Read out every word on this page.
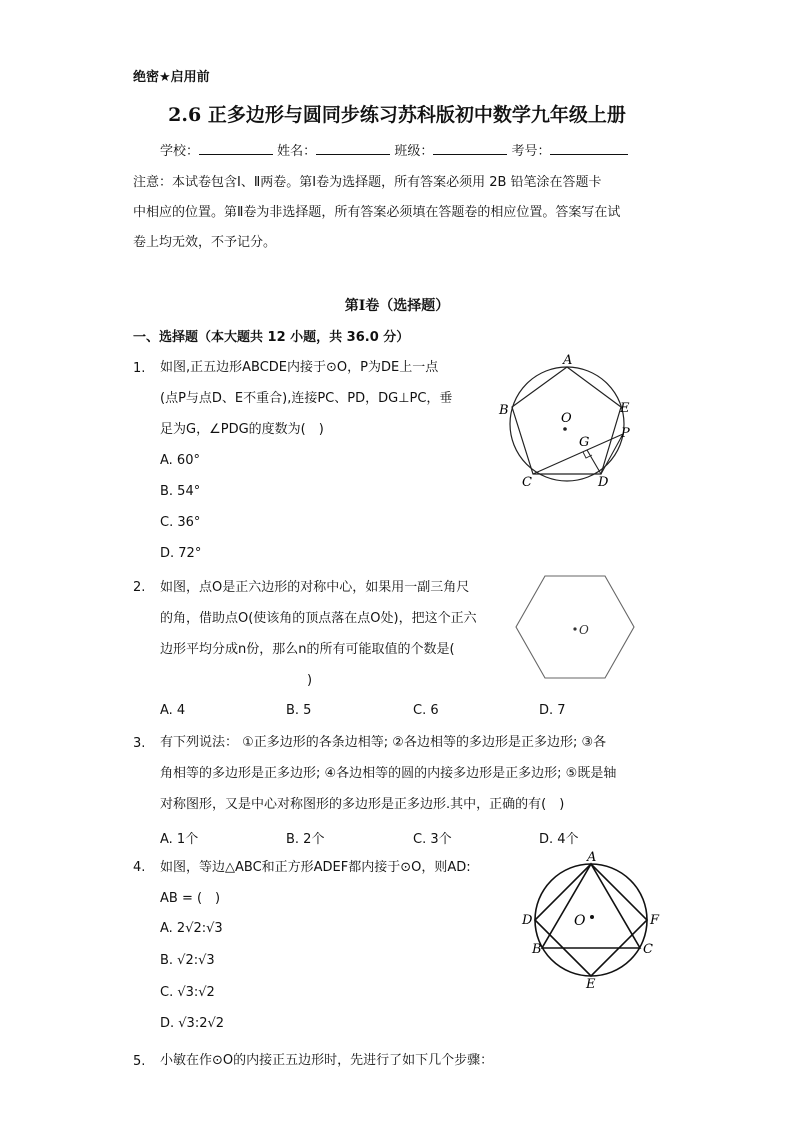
绝密★启用前
2.6 正多边形与圆同步练习苏科版初中数学九年级上册
学校：	姓名：	班级：	考号：
注意：本试卷包含Ⅰ、Ⅱ两卷。第Ⅰ卷为选择题，所有答案必须用 2B 铅笔涂在答题卡
中相应的位置。第Ⅱ卷为非选择题，所有答案必须填在答题卷的相应位置。答案写在试
卷上均无效，不予记分。
第Ⅰ卷（选择题）
一、选择题（本大题共 12 小题，共 36.0 分）
1. 如图,正五边形ABCDE内接于⊙O，P为DE上一点
(点P与点D、E不重合),连接PC、PD，DG⊥PC，垂
足为G，∠PDG的度数为(　)
A. 60°
B. 54°
C. 36°
D. 72°
A
B
C	D
E
O
G
P
2. 如图，点O是正六边形的对称中心，如果用一副三角尺
的角，借助点O(使该角的顶点落在点O处)，把这个正六
边形平均分成n份，那么n的所有可能取值的个数是(
)
A. 4	B. 5	C. 6	D. 7
O
3. 有下列说法： ①正多边形的各条边相等; ②各边相等的多边形是正多边形; ③各
角相等的多边形是正多边形; ④各边相等的圆的内接多边形是正多边形; ⑤既是轴
对称图形，又是中心对称图形的多边形是正多边形.其中，正确的有(　)
A. 1个	B. 2个	C. 3个	D. 4个
4. 如图，等边△ABC和正方形ADEF都内接于⊙O，则AD:
AB = (　)
A. 2√2:√3
B. √2:√3
C. √3:√2
D. √3:2√2
A
D	F
O
B	C
E
5. 小敏在作⊙O的内接正五边形时，先进行了如下几个步骤：
